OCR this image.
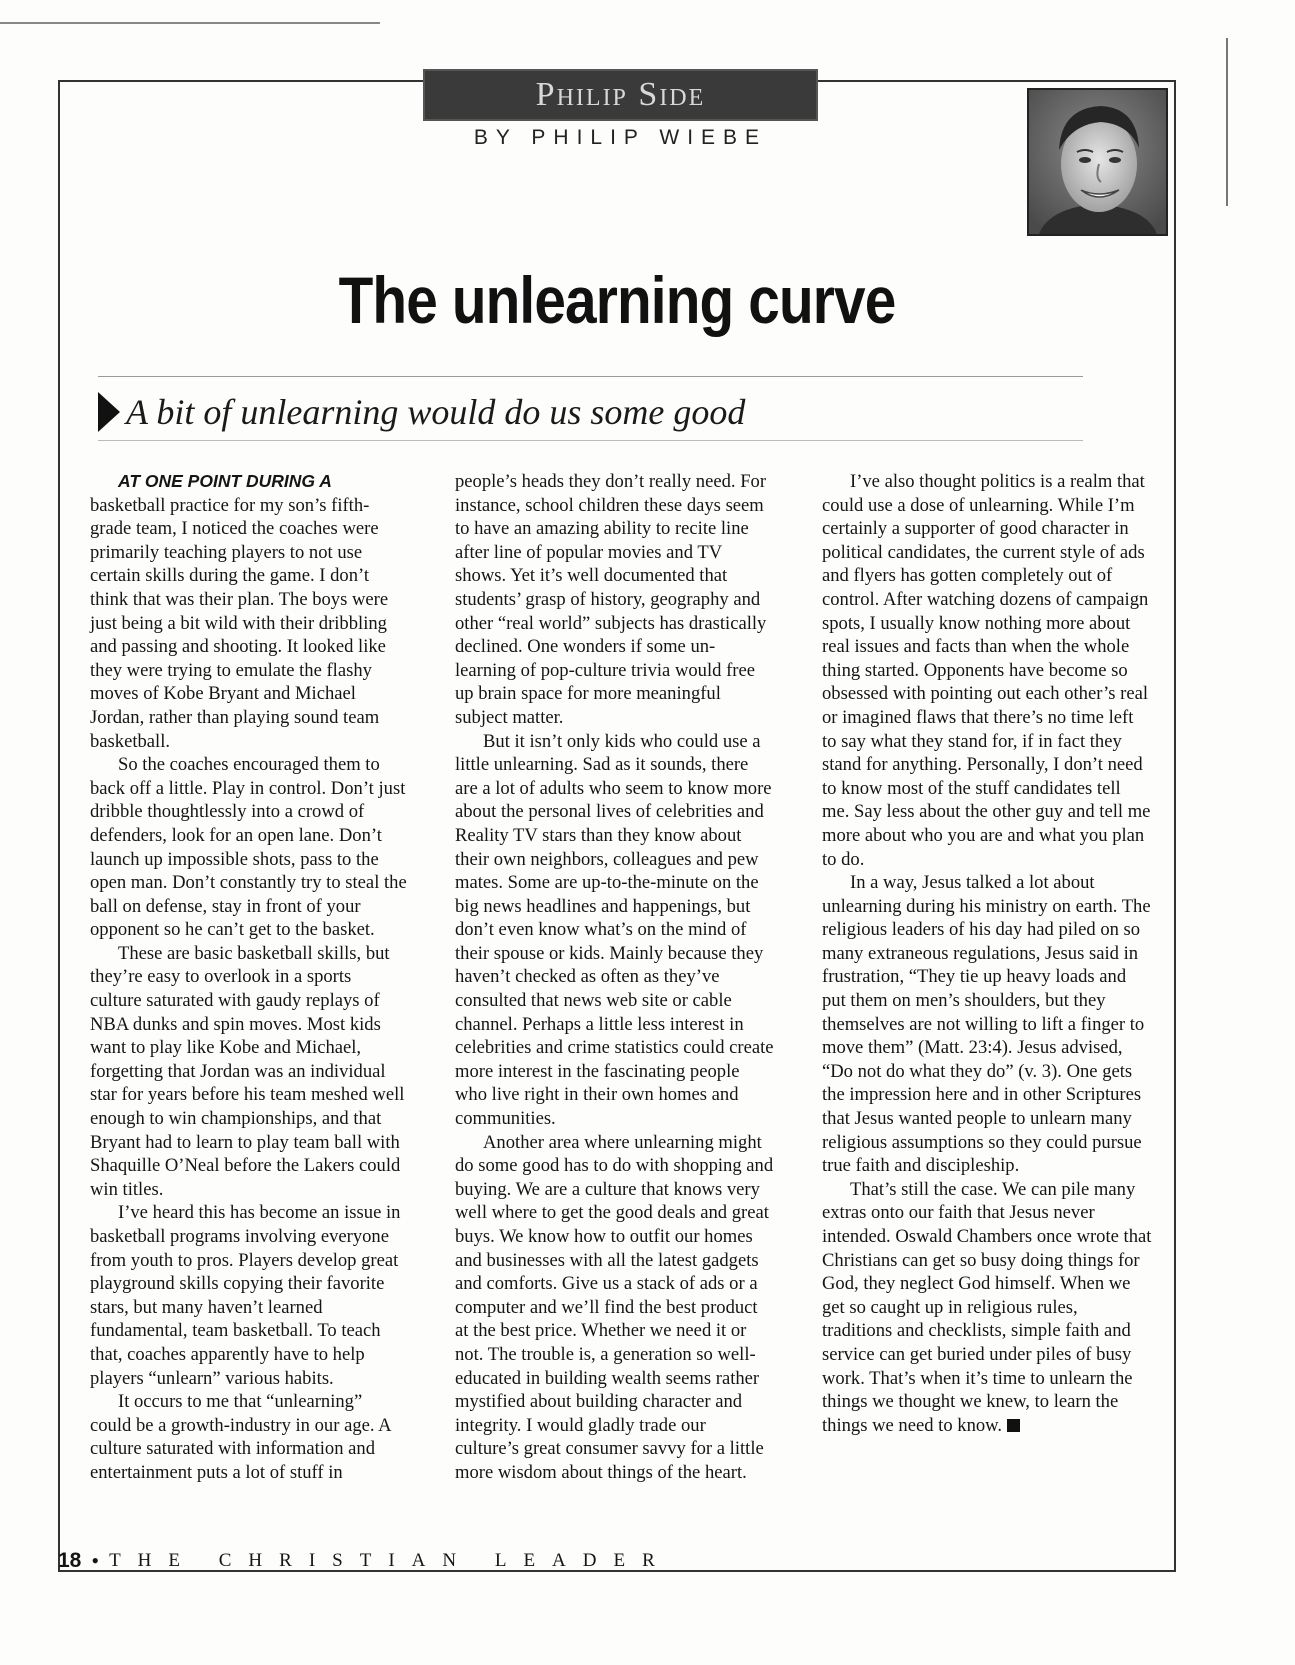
Philip Side
BY PHILIP WIEBE
The unlearning curve
A bit of unlearning would do us some good

AT ONE POINT DURING A

basketball practice for my son’s fifth-grade team, I noticed the coaches were primarily teaching players to not use certain skills during the game. I don’t think that was their plan. The boys were just being a bit wild with their dribbling and passing and shooting. It looked like they were trying to emulate the flashy moves of Kobe Bryant and Michael Jordan, rather than playing sound team basketball.

So the coaches encouraged them to back off a little. Play in control. Don’t just dribble thoughtlessly into a crowd of defenders, look for an open lane. Don’t launch up impossible shots, pass to the open man. Don’t constantly try to steal the ball on defense, stay in front of your opponent so he can’t get to the basket.

These are basic basketball skills, but they’re easy to overlook in a sports culture saturated with gaudy replays of NBA dunks and spin moves. Most kids want to play like Kobe and Michael, forgetting that Jordan was an individual star for years before his team meshed well enough to win championships, and that Bryant had to learn to play team ball with Shaquille O’Neal before the Lakers could win titles.

I’ve heard this has become an issue in basketball programs involving everyone from youth to pros. Players develop great playground skills copying their favorite stars, but many haven’t learned fundamental, team basketball. To teach that, coaches apparently have to help players “unlearn” various habits.

It occurs to me that “unlearning” could be a growth-industry in our age. A culture saturated with information and entertainment puts a lot of stuff in

people’s heads they don’t really need. For instance, school children these days seem to have an amazing ability to recite line after line of popular movies and TV shows. Yet it’s well documented that students’ grasp of history, geography and other “real world” subjects has drastically declined. One wonders if some un-learning of pop-culture trivia would free up brain space for more meaningful subject matter.

But it isn’t only kids who could use a little unlearning. Sad as it sounds, there are a lot of adults who seem to know more about the personal lives of celebrities and Reality TV stars than they know about their own neighbors, colleagues and pew mates. Some are up-to-the-minute on the big news headlines and happenings, but don’t even know what’s on the mind of their spouse or kids. Mainly because they haven’t checked as often as they’ve consulted that news web site or cable channel. Perhaps a little less interest in celebrities and crime statistics could create more interest in the fascinating people who live right in their own homes and communities.

Another area where unlearning might do some good has to do with shopping and buying. We are a culture that knows very well where to get the good deals and great buys. We know how to outfit our homes and businesses with all the latest gadgets and comforts. Give us a stack of ads or a computer and we’ll find the best product at the best price. Whether we need it or not. The trouble is, a generation so well-educated in building wealth seems rather mystified about building character and integrity. I would gladly trade our culture’s great consumer savvy for a little more wisdom about things of the heart.

I’ve also thought politics is a realm that could use a dose of unlearning. While I’m certainly a supporter of good character in political candidates, the current style of ads and flyers has gotten completely out of control. After watching dozens of campaign spots, I usually know nothing more about real issues and facts than when the whole thing started. Opponents have become so obsessed with pointing out each other’s real or imagined flaws that there’s no time left to say what they stand for, if in fact they stand for anything. Personally, I don’t need to know most of the stuff candidates tell me. Say less about the other guy and tell me more about who you are and what you plan to do.

In a way, Jesus talked a lot about unlearning during his ministry on earth. The religious leaders of his day had piled on so many extraneous regulations, Jesus said in frustration, “They tie up heavy loads and put them on men’s shoulders, but they themselves are not willing to lift a finger to move them” (Matt. 23:4). Jesus advised, “Do not do what they do” (v. 3). One gets the impression here and in other Scriptures that Jesus wanted people to unlearn many religious assumptions so they could pursue true faith and discipleship.

That’s still the case. We can pile many extras onto our faith that Jesus never intended. Oswald Chambers once wrote that Christians can get so busy doing things for God, they neglect God himself. When we get so caught up in religious rules, traditions and checklists, simple faith and service can get buried under piles of busy work. That’s when it’s time to unlearn the things we thought we knew, to learn the things we need to know.

18 • THE CHRISTIAN LEADER
